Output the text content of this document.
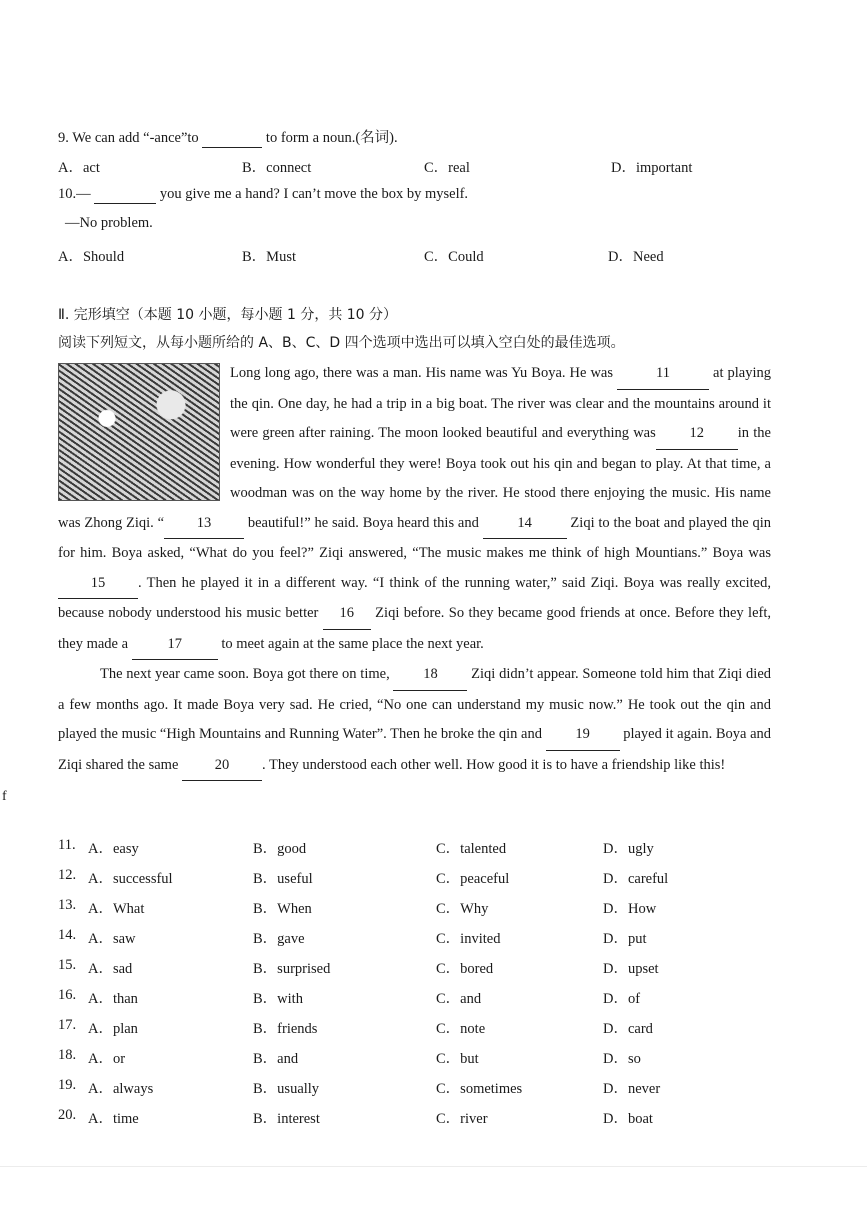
9. We can add “-ance”to	to form a noun.(名词).
A．act	B．connect	C．real	D．important
10.—	you give me a hand? I can’t move the box by myself.
—No problem.
A．Should	B．Must	C．Could	D．Need
Ⅱ. 完形填空（本题 10 小题，每小题 1 分，共 10 分）
阅读下列短文，从每小题所给的 A、B、C、D 四个选项中选出可以填入空白处的最佳选项。
Long long ago, there was a man. His name was Yu Boya. He was	11	at playing the qin. One day, he had a trip in a big boat. The river was clear and the mountains around it were green after raining. The moon looked beautiful and everything was 12 in the evening. How wonderful they were! Boya took out his qin and began to play. At that time, a woodman was on the way home by the river. He stood there enjoying the music. His name was Zhong Ziqi. “ 13 beautiful!” he said. Boya heard this and 14 Ziqi to the boat and played the qin for him. Boya asked, “What do you feel?” Ziqi answered, “The music makes me think of high Mountians.” Boya was 15 . Then he played it in a different way. “I think of the running water,” said Ziqi. Boya was really excited, because nobody understood his music better 16 Ziqi before. So they became good friends at once. Before they left, they made a 17 to meet again at the same place the next year.
The next year came soon. Boya got there on time, 18 Ziqi didn’t appear. Someone told him that Ziqi died a few months ago. It made Boya very sad. He cried, “No one can understand my music now.” He took out the qin and played the music “High Mountains and Running Water”. Then he broke the qin and 19 played it again. Boya and Ziqi shared the same 20 . They understood each other well. How good it is to have a friendship like this!
f
11. A．easy	B．good	C．talented	D．ugly
12. A．successful	B．useful	C．peaceful	D．careful
13. A．What	B．When	C．Why	D．How
14. A．saw	B．gave	C．invited	D．put
15. A．sad	B．surprised	C．bored	D．upset
16. A．than	B．with	C．and	D．of
17. A．plan	B．friends	C．note	D．card
18. A．or	B．and	C．but	D．so
19. A．always	B．usually	C．sometimes	D．never
20. A．time	B．interest	C．river	D．boat
